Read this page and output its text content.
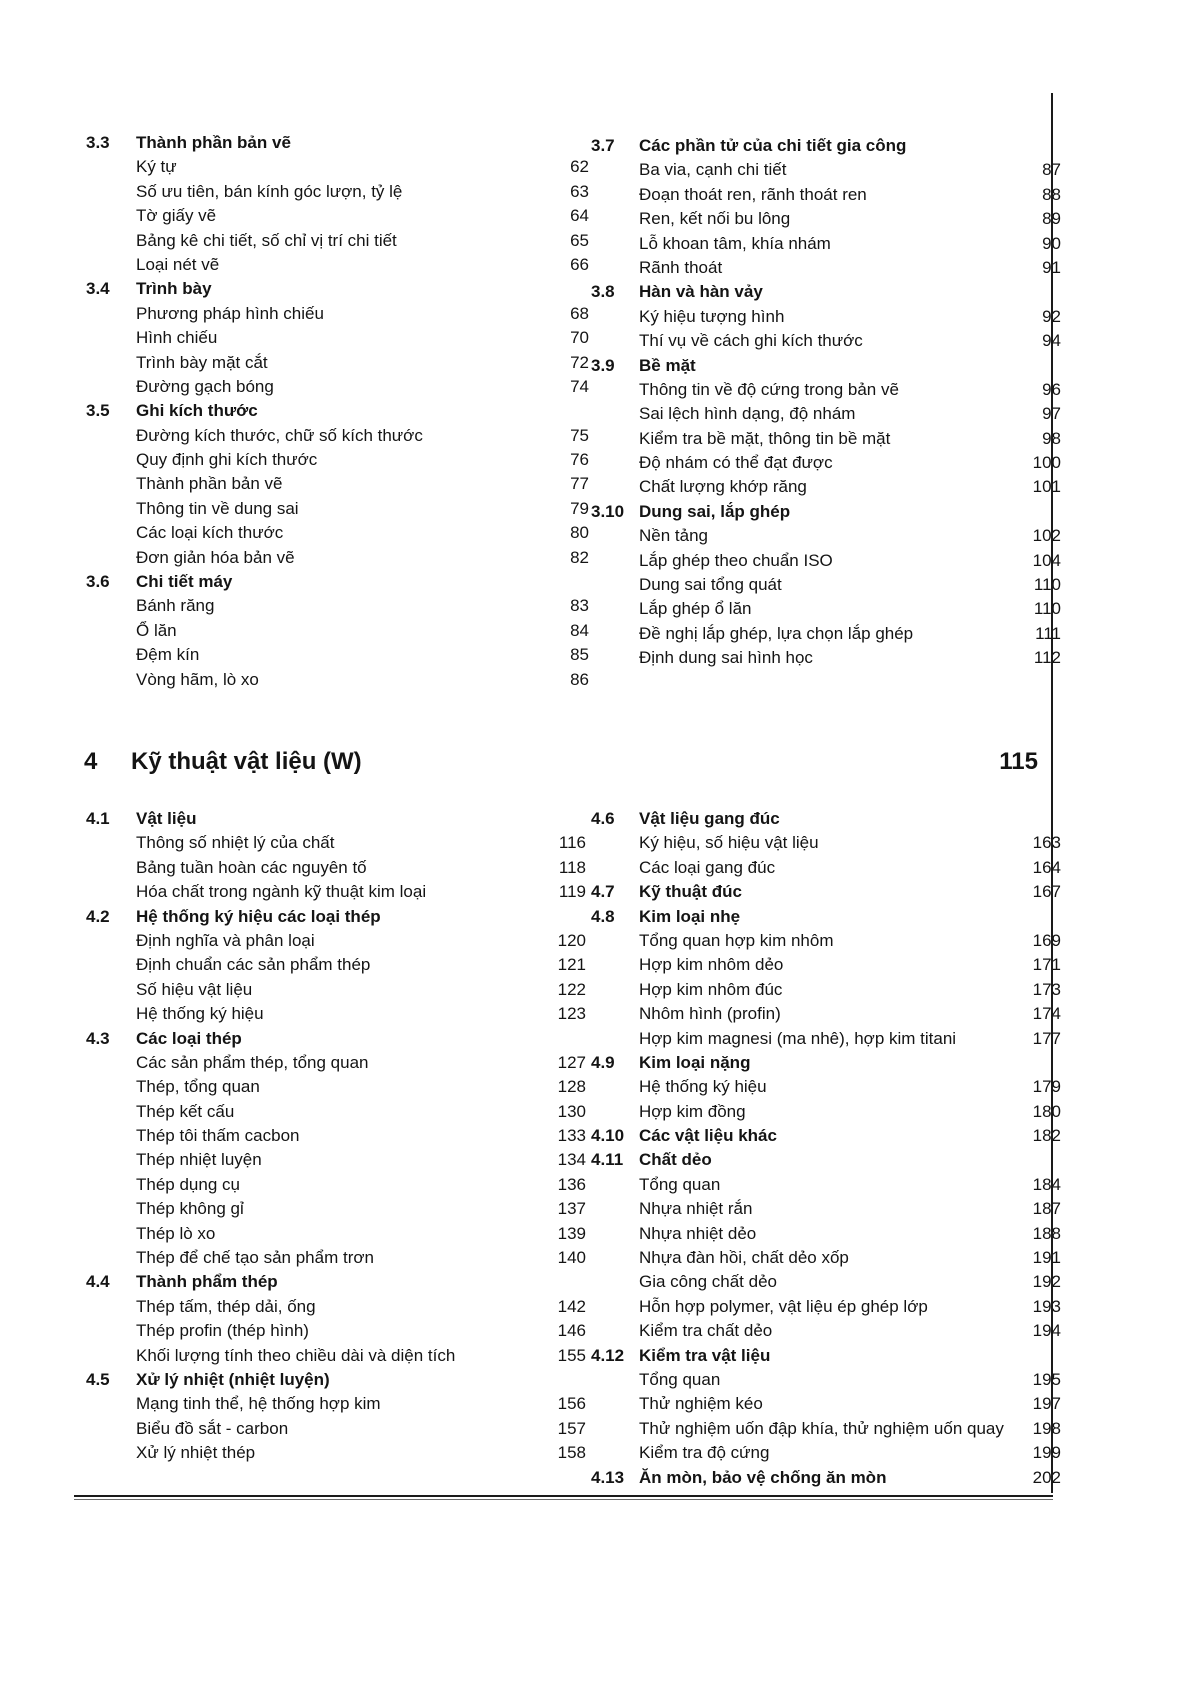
3.3	Thành phần bản vẽ
Ký tự	62
Số ưu tiên, bán kính góc lượn, tỷ lệ	63
Tờ giấy vẽ	64
Bảng kê chi tiết, số chỉ vị trí chi tiết	65
Loại nét vẽ	66
3.4	Trình bày
Phương pháp hình chiếu	68
Hình chiếu	70
Trình bày mặt cắt	72
Đường gạch bóng	74
3.5	Ghi kích thước
Đường kích thước, chữ số kích thước	75
Quy định ghi kích thước	76
Thành phần bản vẽ	77
Thông tin về dung sai	79
Các loại kích thước	80
Đơn giản hóa bản vẽ	82
3.6	Chi tiết máy
Bánh răng	83
Ổ lăn	84
Đệm kín	85
Vòng hãm, lò xo	86
3.7	Các phần tử của chi tiết gia công
Ba via, cạnh chi tiết	87
Đoạn thoát ren, rãnh thoát ren	88
Ren, kết nối bu lông	89
Lỗ khoan tâm, khía nhám	90
Rãnh thoát	91
3.8	Hàn và hàn vảy
Ký hiệu tượng hình	92
Thí vụ về cách ghi kích thước	94
3.9	Bề mặt
Thông tin về độ cứng trong bản vẽ	96
Sai lệch hình dạng, độ nhám	97
Kiểm tra bề mặt, thông tin bề mặt	98
Độ nhám có thể đạt được	100
Chất lượng khớp răng	101
3.10 Dung sai, lắp ghép
Nền tảng	102
Lắp ghép theo chuẩn ISO	104
Dung sai tổng quát	110
Lắp ghép ổ lăn	110
Đề nghị lắp ghép, lựa chọn lắp ghép	111
Định dung sai hình học	112
4	Kỹ thuật vật liệu (W)	115
4.1	Vật liệu
Thông số nhiệt lý của chất	116
Bảng tuần hoàn các nguyên tố	118
Hóa chất trong ngành kỹ thuật kim loại	119
4.2	Hệ thống ký hiệu các loại thép
Định nghĩa và phân loại	120
Định chuẩn các sản phẩm thép	121
Số hiệu vật liệu	122
Hệ thống ký hiệu	123
4.3	Các loại thép
Các sản phẩm thép, tổng quan	127
Thép, tổng quan	128
Thép kết cấu	130
Thép tôi thấm cacbon	133
Thép nhiệt luyện	134
Thép dụng cụ	136
Thép không gỉ	137
Thép lò xo	139
Thép để chế tạo sản phẩm trơn	140
4.4	Thành phẩm thép
Thép tấm, thép dải, ống	142
Thép profin (thép hình)	146
Khối lượng tính theo chiều dài và diện tích	155
4.5	Xử lý nhiệt (nhiệt luyện)
Mạng tinh thể, hệ thống hợp kim	156
Biểu đồ sắt - carbon	157
Xử lý nhiệt thép	158
4.6	Vật liệu gang đúc
Ký hiệu, số hiệu vật liệu	163
Các loại gang đúc	164
4.7	Kỹ thuật đúc	167
4.8	Kim loại nhẹ
Tổng quan hợp kim nhôm	169
Hợp kim nhôm dẻo	171
Hợp kim nhôm đúc	173
Nhôm hình (profin)	174
Hợp kim magnesi (ma nhê), hợp kim titani	177
4.9	Kim loại nặng
Hệ thống ký hiệu	179
Hợp kim đồng	180
4.10 Các vật liệu khác	182
4.11 Chất dẻo
Tổng quan	184
Nhựa nhiệt rắn	187
Nhựa nhiệt dẻo	188
Nhựa đàn hồi, chất dẻo xốp	191
Gia công chất dẻo	192
Hỗn hợp polymer, vật liệu ép ghép lớp	193
Kiểm tra chất dẻo	194
4.12 Kiểm tra vật liệu
Tổng quan	195
Thử nghiệm kéo	197
Thử nghiệm uốn đập khía, thử nghiệm uốn quay	198
Kiểm tra độ cứng	199
4.13 Ăn mòn, bảo vệ chống ăn mòn	202
